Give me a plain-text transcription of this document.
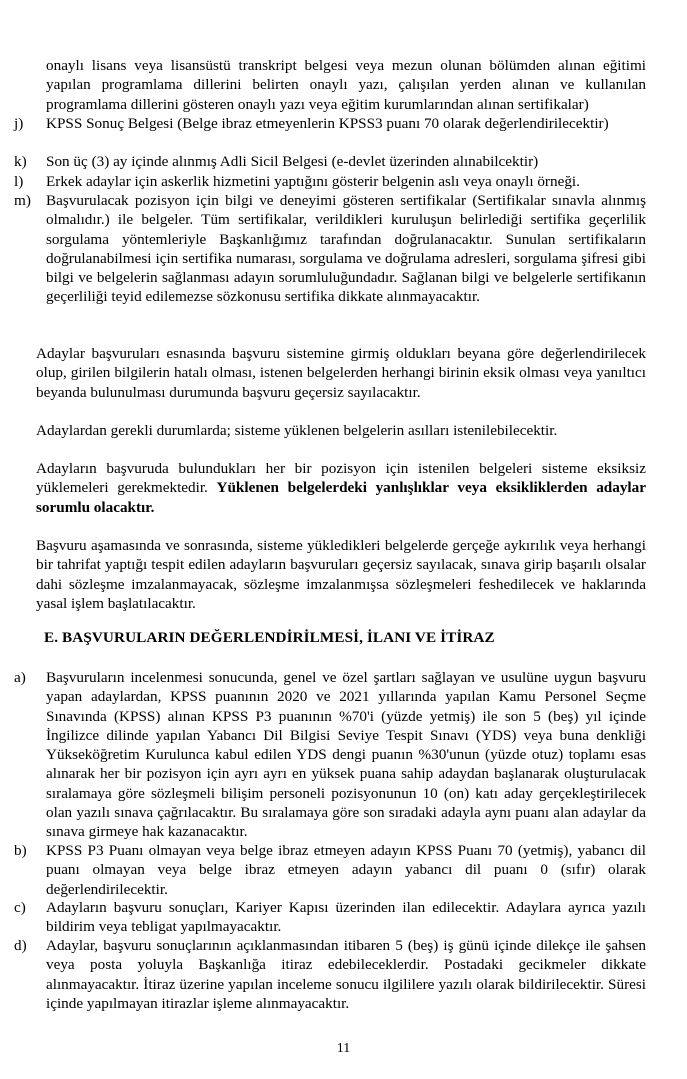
onaylı lisans veya lisansüstü transkript belgesi veya mezun olunan bölümden alınan eğitimi yapılan programlama dillerini belirten onaylı yazı, çalışılan yerden alınan ve kullanılan programlama dillerini gösteren onaylı yazı veya eğitim kurumlarından alınan sertifikalar)
j) KPSS Sonuç Belgesi (Belge ibraz etmeyenlerin KPSS3 puanı 70 olarak değerlendirilecektir)
k) Son üç (3) ay içinde alınmış Adli Sicil Belgesi (e-devlet üzerinden alınabilcektir)
l) Erkek adaylar için askerlik hizmetini yaptığını gösterir belgenin aslı veya onaylı örneği.
m) Başvurulacak pozisyon için bilgi ve deneyimi gösteren sertifikalar (Sertifikalar sınavla alınmış olmalıdır.) ile belgeler. Tüm sertifikalar, verildikleri kuruluşun belirlediği sertifika geçerlilik sorgulama yöntemleriyle Başkanlığımız tarafından doğrulanacaktır. Sunulan sertifikaların doğrulanabilmesi için sertifika numarası, sorgulama ve doğrulama adresleri, sorgulama şifresi gibi bilgi ve belgelerin sağlanması adayın sorumluluğundadır. Sağlanan bilgi ve belgelerle sertifikanın geçerliliği teyid edilemezse sözkonusu sertifika dikkate alınmayacaktır.
Adaylar başvuruları esnasında başvuru sistemine girmiş oldukları beyana göre değerlendirilecek olup, girilen bilgilerin hatalı olması, istenen belgelerden herhangi birinin eksik olması veya yanıltıcı beyanda bulunulması durumunda başvuru geçersiz sayılacaktır.
Adaylardan gerekli durumlarda; sisteme yüklenen belgelerin asılları istenilebilecektir.
Adayların başvuruda bulundukları her bir pozisyon için istenilen belgeleri sisteme eksiksiz yüklemeleri gerekmektedir. Yüklenen belgelerdeki yanlışlıklar veya eksikliklerden adaylar sorumlu olacaktır.
Başvuru aşamasında ve sonrasında, sisteme yükledikleri belgelerde gerçeğe aykırılık veya herhangi bir tahrifat yaptığı tespit edilen adayların başvuruları geçersiz sayılacak, sınava girip başarılı olsalar dahi sözleşme imzalanmayacak, sözleşme imzalanmışsa sözleşmeleri feshedilecek ve haklarında yasal işlem başlatılacaktır.
E. BAŞVURULARIN DEĞERLENDİRİLMESİ, İLANI VE İTİRAZ
a) Başvuruların incelenmesi sonucunda, genel ve özel şartları sağlayan ve usulüne uygun başvuru yapan adaylardan, KPSS puanının 2020 ve 2021 yıllarında yapılan Kamu Personel Seçme Sınavında (KPSS) alınan KPSS P3 puanının %70'i (yüzde yetmiş) ile son 5 (beş) yıl içinde İngilizce dilinde yapılan Yabancı Dil Bilgisi Seviye Tespit Sınavı (YDS) veya buna denkliği Yükseköğretim Kurulunca kabul edilen YDS dengi puanın %30'unun (yüzde otuz) toplamı esas alınarak her bir pozisyon için ayrı ayrı en yüksek puana sahip adaydan başlanarak oluşturulacak sıralamaya göre sözleşmeli bilişim personeli pozisyonunun 10 (on) katı aday gerçekleştirilecek olan yazılı sınava çağrılacaktır. Bu sıralamaya göre son sıradaki adayla aynı puanı alan adaylar da sınava girmeye hak kazanacaktır.
b) KPSS P3 Puanı olmayan veya belge ibraz etmeyen adayın KPSS Puanı 70 (yetmiş), yabancı dil puanı olmayan veya belge ibraz etmeyen adayın yabancı dil puanı 0 (sıfır) olarak değerlendirilecektir.
c) Adayların başvuru sonuçları, Kariyer Kapısı üzerinden ilan edilecektir. Adaylara ayrıca yazılı bildirim veya tebligat yapılmayacaktır.
d) Adaylar, başvuru sonuçlarının açıklanmasından itibaren 5 (beş) iş günü içinde dilekçe ile şahsen veya posta yoluyla Başkanlığa itiraz edebileceklerdir. Postadaki gecikmeler dikkate alınmayacaktır. İtiraz üzerine yapılan inceleme sonucu ilgililere yazılı olarak bildirilecektir. Süresi içinde yapılmayan itirazlar işleme alınmayacaktır.
11
